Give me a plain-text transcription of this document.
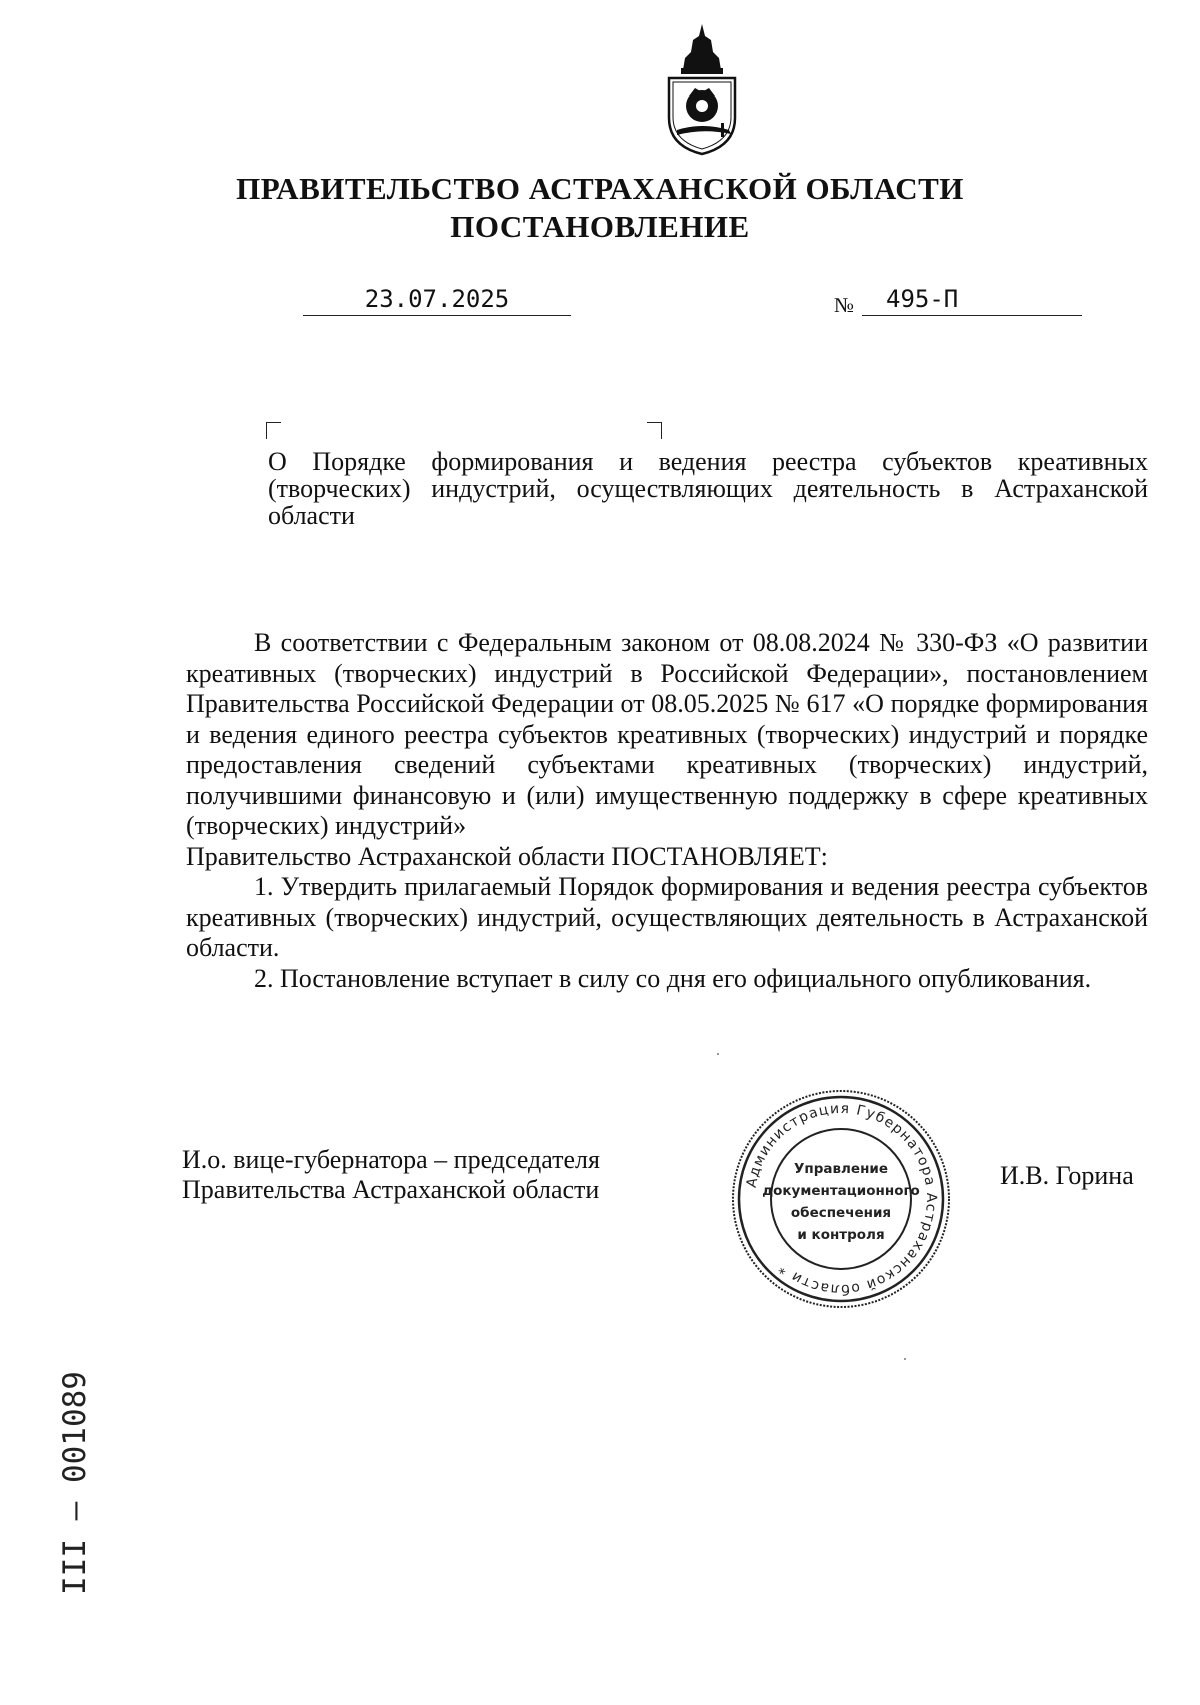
ПРАВИТЕЛЬСТВО АСТРАХАНСКОЙ ОБЛАСТИ
ПОСТАНОВЛЕНИЕ
23.07.2025	№ 495-П
О Порядке формирования и ведения реестра субъектов креативных (творческих) индустрий, осуществляющих деятельность в Астраханской области

В соответствии с Федеральным законом от 08.08.2024 № 330-ФЗ «О развитии креативных (творческих) индустрий в Российской Федерации», постановлением Правительства Российской Федерации от 08.05.2025 № 617 «О порядке формирования и ведения единого реестра субъектов креативных (творческих) индустрий и порядке предоставления сведений субъектами креативных (творческих) индустрий, получившими финансовую и (или) имущественную поддержку в сфере креативных (творческих) индустрий»

Правительство Астраханской области ПОСТАНОВЛЯЕТ:

1. Утвердить прилагаемый Порядок формирования и ведения реестра субъектов креативных (творческих) индустрий, осуществляющих деятельность в Астраханской области.

2. Постановление вступает в силу со дня его официального опубликования.

И.о. вице-губернатора – председателя
Правительства Астраханской области	И.В. Горина
Администрация Губернатора Астраханской области *
Управление
документационного
обеспечения
и контроля
ІІІ – 001089
